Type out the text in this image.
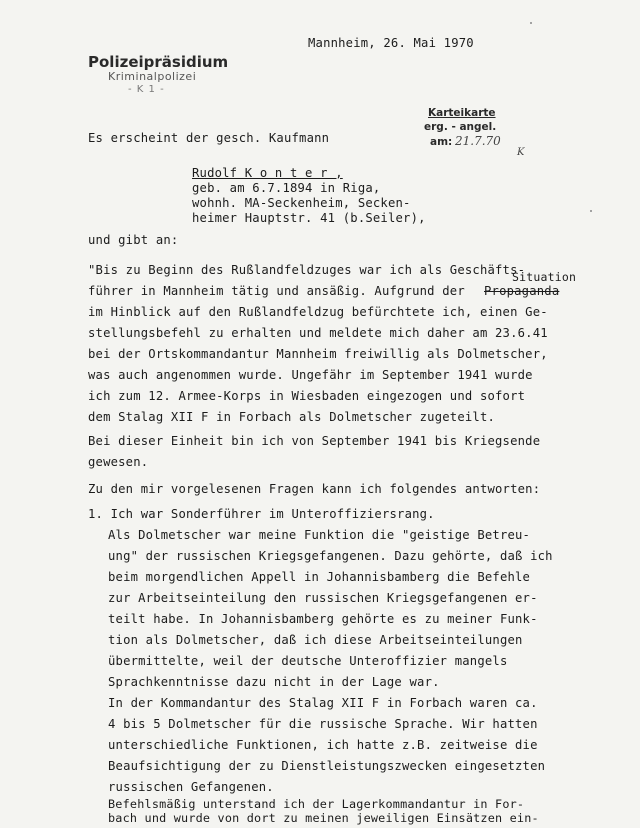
Mannheim, 26. Mai 1970
Polizeipräsidium
Kriminalpolizei
- K 1 -
Karteikarte
erg. - angel.
am: 21.7.70
K
Es erscheint der gesch. Kaufmann
Rudolf K o n t e r ,
geb. am 6.7.1894 in Riga,
wohnh. MA-Seckenheim, Secken-
heimer Hauptstr. 41 (b.Seiler),
und gibt an:
Situation
Propaganda
"Bis zu Beginn des Rußlandfeldzuges war ich als Geschäfts-
führer in Mannheim tätig und ansäßig. Aufgrund der
im Hinblick auf den Rußlandfeldzug befürchtete ich, einen Ge-
stellungsbefehl zu erhalten und meldete mich daher am 23.6.41
bei der Ortskommandantur Mannheim freiwillig als Dolmetscher,
was auch angenommen wurde. Ungefähr im September 1941 wurde
ich zum 12. Armee-Korps in Wiesbaden eingezogen und sofort
dem Stalag XII F in Forbach als Dolmetscher zugeteilt.
Bei dieser Einheit bin ich von September 1941 bis Kriegsende
gewesen.
Zu den mir vorgelesenen Fragen kann ich folgendes antworten:
1. Ich war Sonderführer im Unteroffiziersrang.
Als Dolmetscher war meine Funktion die "geistige Betreu-
ung" der russischen Kriegsgefangenen. Dazu gehörte, daß ich
beim morgendlichen Appell in Johannisbamberg die Befehle
zur Arbeitseinteilung den russischen Kriegsgefangenen er-
teilt habe. In Johannisbamberg gehörte es zu meiner Funk-
tion als Dolmetscher, daß ich diese Arbeitseinteilungen
übermittelte, weil der deutsche Unteroffizier mangels
Sprachkenntnisse dazu nicht in der Lage war.
In der Kommandantur des Stalag XII F in Forbach waren ca.
4 bis 5 Dolmetscher für die russische Sprache. Wir hatten
unterschiedliche Funktionen, ich hatte z.B. zeitweise die
Beaufsichtigung der zu Dienstleistungszwecken eingesetzten
russischen Gefangenen.
Befehlsmäßig unterstand ich der Lagerkommandantur in For-
bach und wurde von dort zu meinen jeweiligen Einsätzen ein-
